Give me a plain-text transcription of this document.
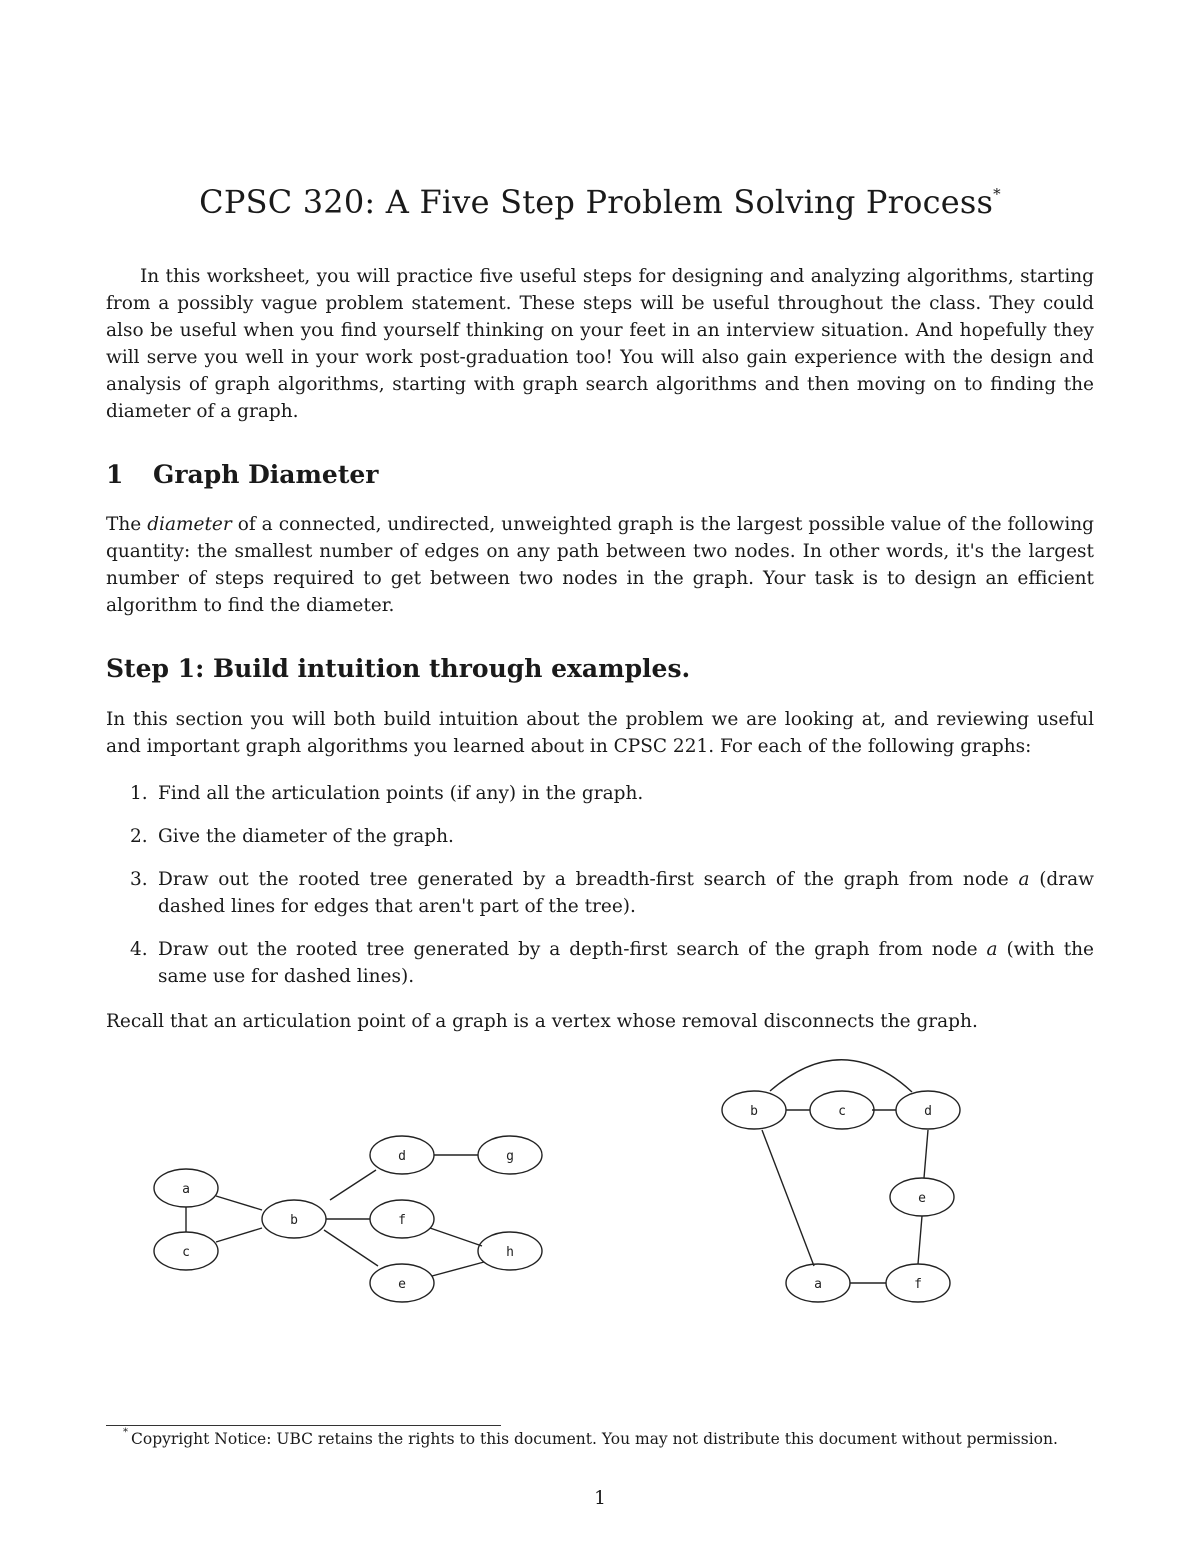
CPSC 320: A Five Step Problem Solving Process*

In this worksheet, you will practice five useful steps for designing and analyzing algorithms, starting from a possibly vague problem statement. These steps will be useful throughout the class. They could also be useful when you find yourself thinking on your feet in an interview situation. And hopefully they will serve you well in your work post-graduation too! You will also gain experience with the design and analysis of graph algorithms, starting with graph search algorithms and then moving on to finding the diameter of a graph.

1 Graph Diameter

The diameter of a connected, undirected, unweighted graph is the largest possible value of the following quantity: the smallest number of edges on any path between two nodes. In other words, it's the largest number of steps required to get between two nodes in the graph. Your task is to design an efficient algorithm to find the diameter.

Step 1: Build intuition through examples.

In this section you will both build intuition about the problem we are looking at, and reviewing useful and important graph algorithms you learned about in CPSC 221. For each of the following graphs:

1. Find all the articulation points (if any) in the graph.
2. Give the diameter of the graph.
3. Draw out the rooted tree generated by a breadth-first search of the graph from node a (draw dashed lines for edges that aren't part of the tree).
4. Draw out the rooted tree generated by a depth-first search of the graph from node a (with the same use for dashed lines).

Recall that an articulation point of a graph is a vertex whose removal disconnects the graph.

a
c
b
d	g
f
h
e
b	c	d
e
a	f

* Copyright Notice: UBC retains the rights to this document. You may not distribute this document without permission.

1
